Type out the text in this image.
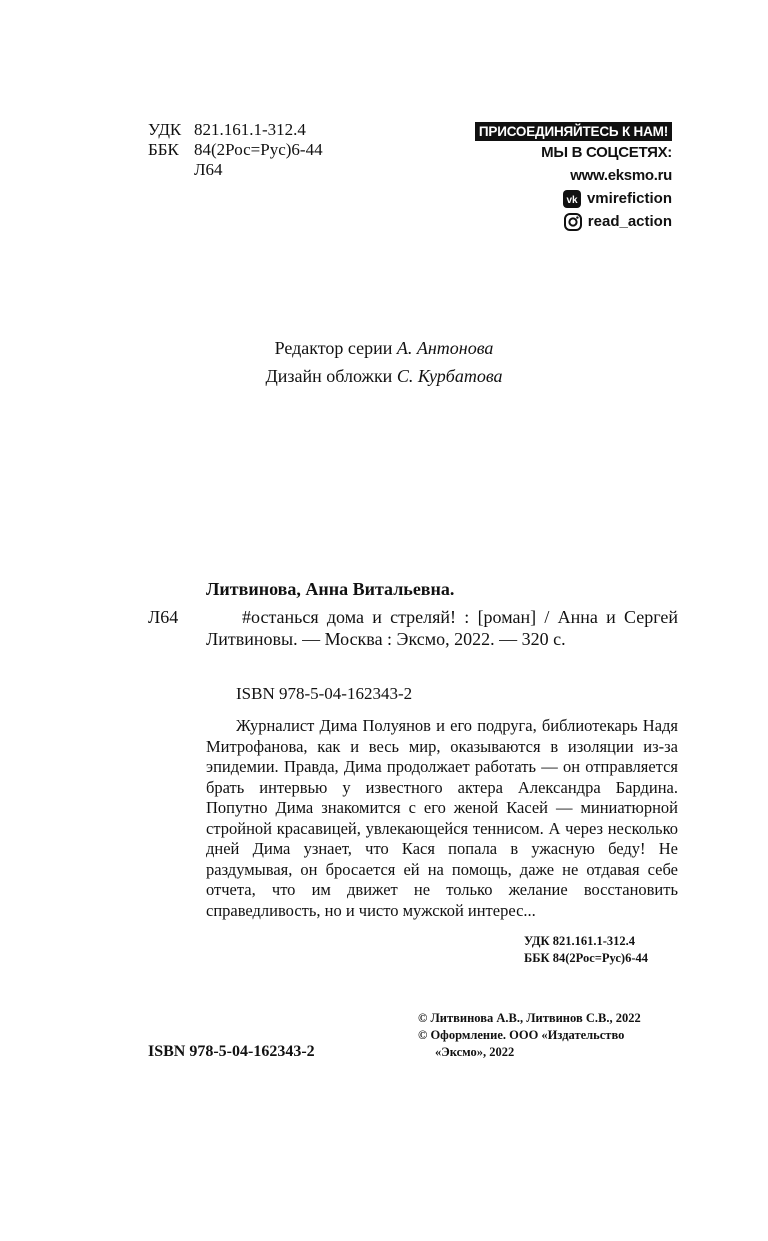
УДК 821.161.1-312.4
ББК 84(2Рос=Рус)6-44
Л64
ПРИСОЕДИНЯЙТЕСЬ К НАМ!
МЫ В СОЦСЕТЯХ:
www.eksmo.ru
vk vmirefiction
read_action
Редактор серии А. Антонова
Дизайн обложки С. Курбатова
Литвинова, Анна Витальевна.
Л64	#останься дома и стреляй! : [роман] / Анна и Сергей Литвиновы. — Москва : Эксмо, 2022. — 320 с.
ISBN 978-5-04-162343-2
Журналист Дима Полуянов и его подруга, библиотекарь Надя Митрофанова, как и весь мир, оказываются в изоляции из-за эпидемии. Правда, Дима продолжает работать — он отправляется брать интервью у известного актера Александра Бардина. Попутно Дима знакомится с его женой Касей — миниатюрной стройной красавицей, увлекающейся теннисом. А через несколько дней Дима узнает, что Кася попала в ужасную беду! Не раздумывая, он бросается ей на помощь, даже не отдавая себе отчета, что им движет не только желание восстановить справедливость, но и чисто мужской интерес...
УДК 821.161.1-312.4
ББК 84(2Рос=Рус)6-44
© Литвинова А.В., Литвинов С.В., 2022
© Оформление. ООО «Издательство
«Эксмо», 2022
ISBN 978-5-04-162343-2
